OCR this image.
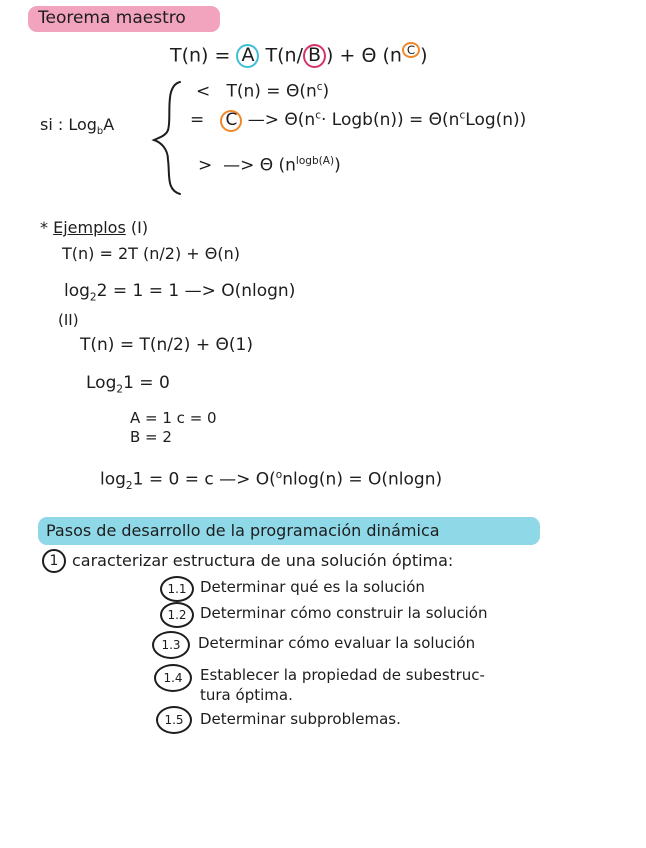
Teorema maestro
T(n) = A T(n/ B ) + Θ (n $^C$ )
si : Log$_b$A
< $T(n) = \Theta(n^c)$
= C —> $\Theta(n^c\cdot$ Logb(n)) = $\Theta(n^cLog(n))$
> —> Θ $(n^{logb(A)})$
* Ejemplos (I)
T(n) = 2T (n/2) + Θ(n)
$\log_22 = 1 = 1$ —> O(nlogn)
(II)
T(n) = T(n/2) + Θ(1)
Log$_2$1 = 0
A = 1 c = 0
B = 2
$\log_21 = 0 = c$ —> O($^o$nlog(n) = O(nlogn)
Pasos de desarrollo de la programación dinámica
1 caracterizar estructura de una solución óptima:
1.1 Determinar qué es la solución
1.2 Determinar cómo construir la solución
1.3	Determinar cómo evaluar la solución
1.4	Establecer la propiedad de subestruc-
tura óptima.
1.5	Determinar subproblemas.
